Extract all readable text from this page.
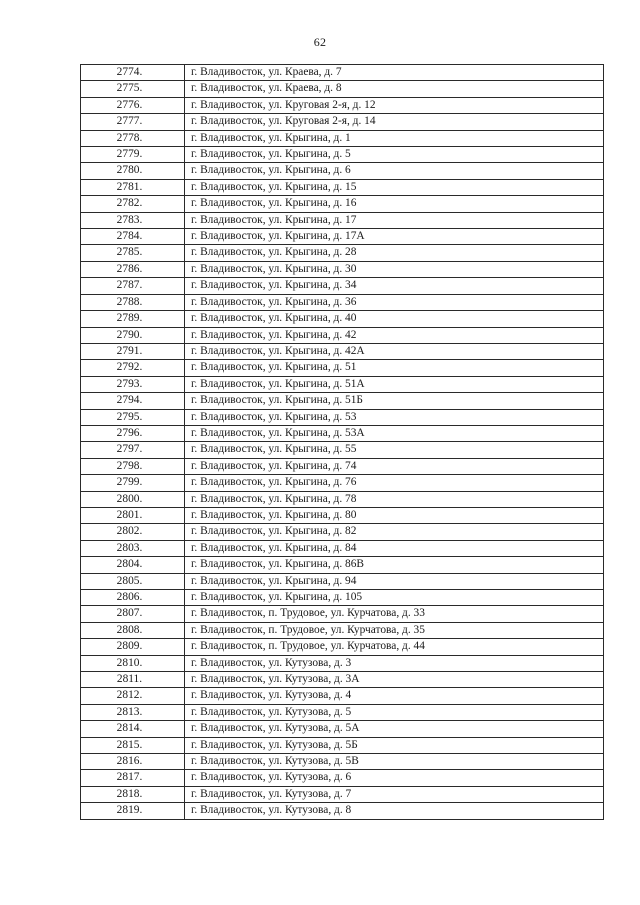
62
2774.	г. Владивосток, ул. Краева, д. 7
2775.	г. Владивосток, ул. Краева, д. 8
2776.	г. Владивосток, ул. Круговая 2-я, д. 12
2777.	г. Владивосток, ул. Круговая 2-я, д. 14
2778.	г. Владивосток, ул. Крыгина, д. 1
2779.	г. Владивосток, ул. Крыгина, д. 5
2780.	г. Владивосток, ул. Крыгина, д. 6
2781.	г. Владивосток, ул. Крыгина, д. 15
2782.	г. Владивосток, ул. Крыгина, д. 16
2783.	г. Владивосток, ул. Крыгина, д. 17
2784.	г. Владивосток, ул. Крыгина, д. 17А
2785.	г. Владивосток, ул. Крыгина, д. 28
2786.	г. Владивосток, ул. Крыгина, д. 30
2787.	г. Владивосток, ул. Крыгина, д. 34
2788.	г. Владивосток, ул. Крыгина, д. 36
2789.	г. Владивосток, ул. Крыгина, д. 40
2790.	г. Владивосток, ул. Крыгина, д. 42
2791.	г. Владивосток, ул. Крыгина, д. 42А
2792.	г. Владивосток, ул. Крыгина, д. 51
2793.	г. Владивосток, ул. Крыгина, д. 51А
2794.	г. Владивосток, ул. Крыгина, д. 51Б
2795.	г. Владивосток, ул. Крыгина, д. 53
2796.	г. Владивосток, ул. Крыгина, д. 53А
2797.	г. Владивосток, ул. Крыгина, д. 55
2798.	г. Владивосток, ул. Крыгина, д. 74
2799.	г. Владивосток, ул. Крыгина, д. 76
2800.	г. Владивосток, ул. Крыгина, д. 78
2801.	г. Владивосток, ул. Крыгина, д. 80
2802.	г. Владивосток, ул. Крыгина, д. 82
2803.	г. Владивосток, ул. Крыгина, д. 84
2804.	г. Владивосток, ул. Крыгина, д. 86В
2805.	г. Владивосток, ул. Крыгина, д. 94
2806.	г. Владивосток, ул. Крыгина, д. 105
2807.	г. Владивосток, п. Трудовое, ул. Курчатова, д. 33
2808.	г. Владивосток, п. Трудовое, ул. Курчатова, д. 35
2809.	г. Владивосток, п. Трудовое, ул. Курчатова, д. 44
2810.	г. Владивосток, ул. Кутузова, д. 3
2811.	г. Владивосток, ул. Кутузова, д. 3А
2812.	г. Владивосток, ул. Кутузова, д. 4
2813.	г. Владивосток, ул. Кутузова, д. 5
2814.	г. Владивосток, ул. Кутузова, д. 5А
2815.	г. Владивосток, ул. Кутузова, д. 5Б
2816.	г. Владивосток, ул. Кутузова, д. 5В
2817.	г. Владивосток, ул. Кутузова, д. 6
2818.	г. Владивосток, ул. Кутузова, д. 7
2819.	г. Владивосток, ул. Кутузова, д. 8
